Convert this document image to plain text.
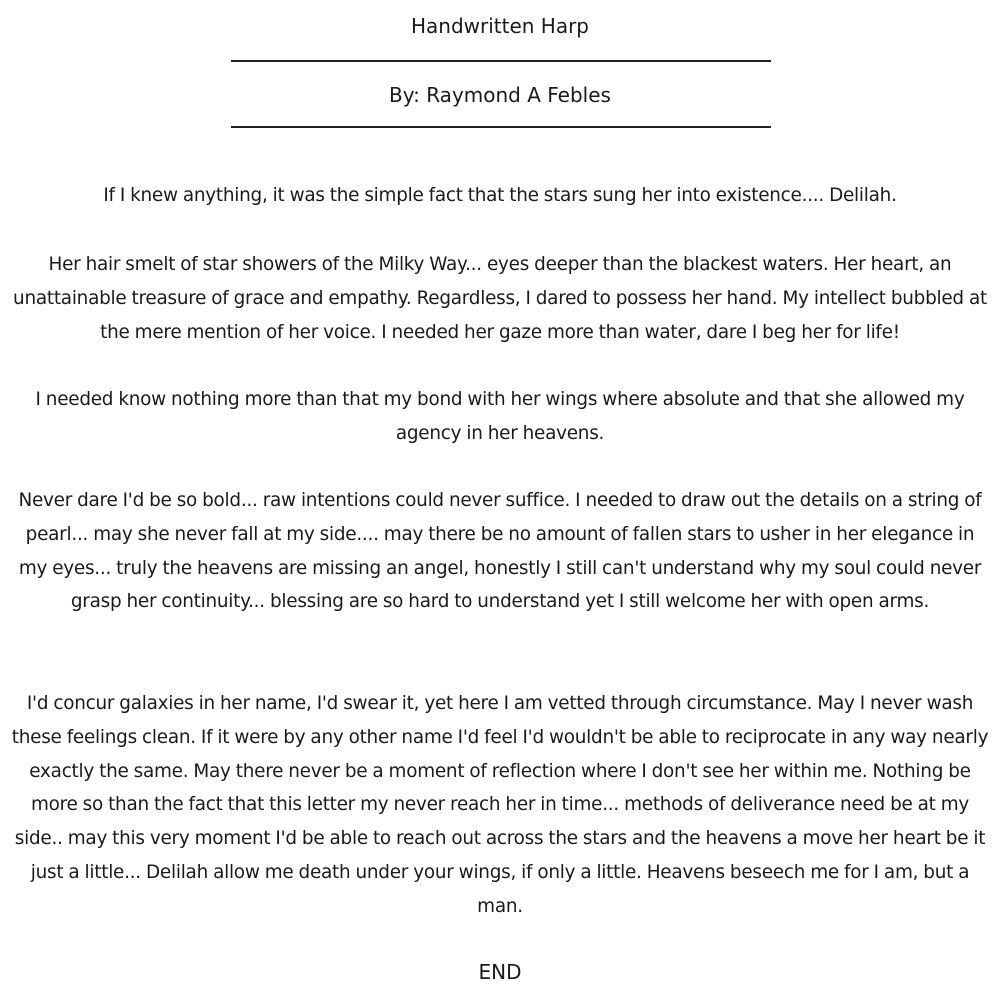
Handwritten Harp
By: Raymond A Febles
If I knew anything, it was the simple fact that the stars sung her into existence.... Delilah.
Her hair smelt of star showers of the Milky Way... eyes deeper than the blackest waters. Her heart, an unattainable treasure of grace and empathy. Regardless, I dared to possess her hand. My intellect bubbled at the mere mention of her voice. I needed her gaze more than water, dare I beg her for life!
I needed know nothing more than that my bond with her wings where absolute and that she allowed my agency in her heavens.
Never dare I'd be so bold... raw intentions could never suffice. I needed to draw out the details on a string of pearl... may she never fall at my side.... may there be no amount of fallen stars to usher in her elegance in my eyes... truly the heavens are missing an angel, honestly I still can't understand why my soul could never grasp her continuity... blessing are so hard to understand yet I still welcome her with open arms.
I'd concur galaxies in her name, I'd swear it, yet here I am vetted through circumstance. May I never wash these feelings clean. If it were by any other name I'd feel I'd wouldn't be able to reciprocate in any way nearly exactly the same. May there never be a moment of reflection where I don't see her within me. Nothing be more so than the fact that this letter my never reach her in time... methods of deliverance need be at my side.. may this very moment I'd be able to reach out across the stars and the heavens a move her heart be it just a little... Delilah allow me death under your wings, if only a little. Heavens beseech me for I am, but a man.
END
